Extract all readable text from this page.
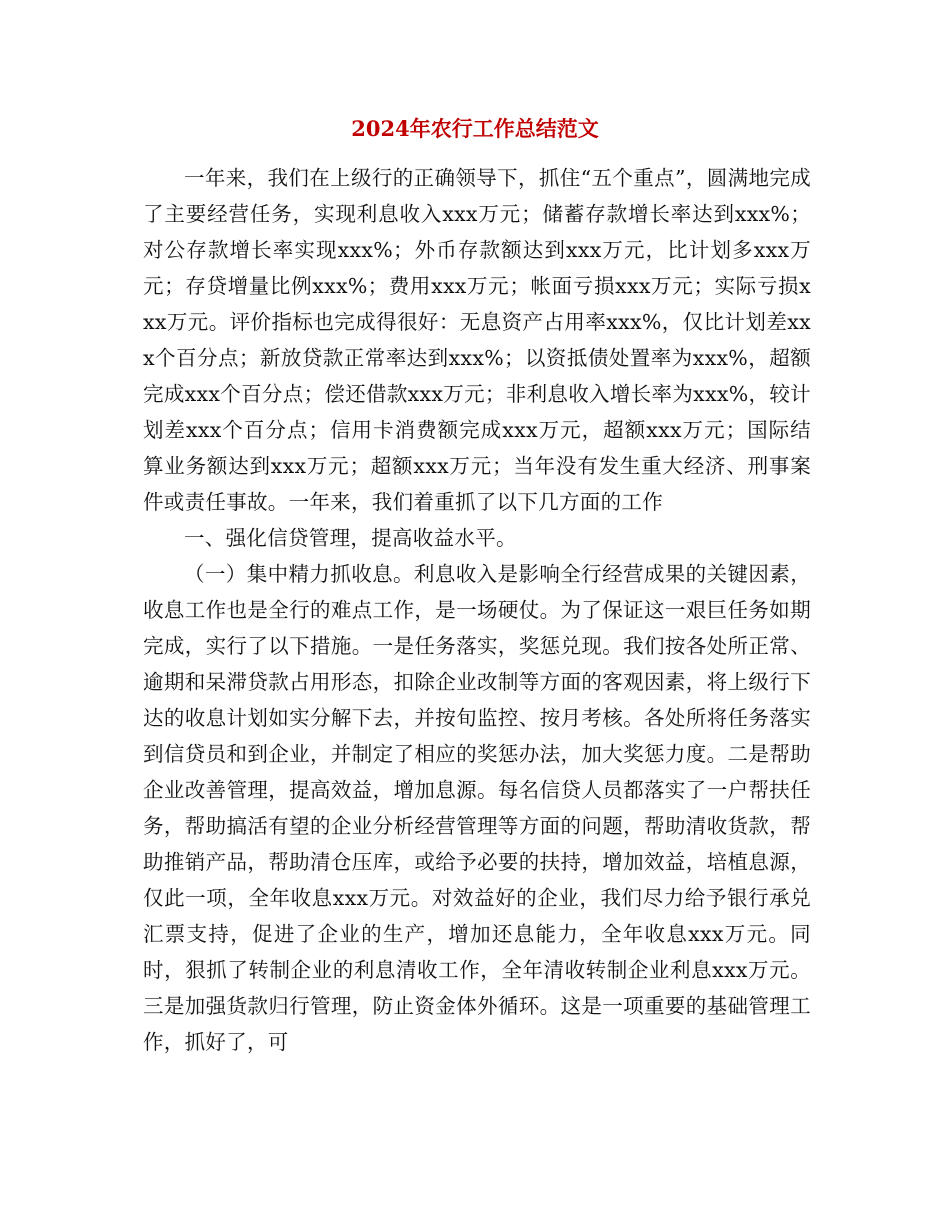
2024年农行工作总结范文

一年来，我们在上级行的正确领导下，抓住“五个重点”，圆满地完成了主要经营任务，实现利息收入xxx万元；储蓄存款增长率达到xxx%；对公存款增长率实现xxx%；外币存款额达到xxx万元，比计划多xxx万元；存贷增量比例xxx%；费用xxx万元；帐面亏损xxx万元；实际亏损xxx万元。评价指标也完成得很好：无息资产占用率xxx%，仅比计划差xxx个百分点；新放贷款正常率达到xxx%；以资抵债处置率为xxx%，超额完成xxx个百分点；偿还借款xxx万元；非利息收入增长率为xxx%，较计划差xxx个百分点；信用卡消费额完成xxx万元，超额xxx万元；国际结算业务额达到xxx万元；超额xxx万元；当年没有发生重大经济、刑事案件或责任事故。一年来，我们着重抓了以下几方面的工作

一、强化信贷管理，提高收益水平。

（一）集中精力抓收息。利息收入是影响全行经营成果的关键因素，收息工作也是全行的难点工作，是一场硬仗。为了保证这一艰巨任务如期完成，实行了以下措施。一是任务落实，奖惩兑现。我们按各处所正常、逾期和呆滞贷款占用形态，扣除企业改制等方面的客观因素，将上级行下达的收息计划如实分解下去，并按旬监控、按月考核。各处所将任务落实到信贷员和到企业，并制定了相应的奖惩办法，加大奖惩力度。二是帮助企业改善管理，提高效益，增加息源。每名信贷人员都落实了一户帮扶任务，帮助搞活有望的企业分析经营管理等方面的问题，帮助清收货款，帮助推销产品，帮助清仓压库，或给予必要的扶持，增加效益，培植息源，仅此一项，全年收息xxx万元。对效益好的企业，我们尽力给予银行承兑汇票支持，促进了企业的生产，增加还息能力，全年收息xxx万元。同时，狠抓了转制企业的利息清收工作，全年清收转制企业利息xxx万元。三是加强货款归行管理，防止资金体外循环。这是一项重要的基础管理工作，抓好了，可
